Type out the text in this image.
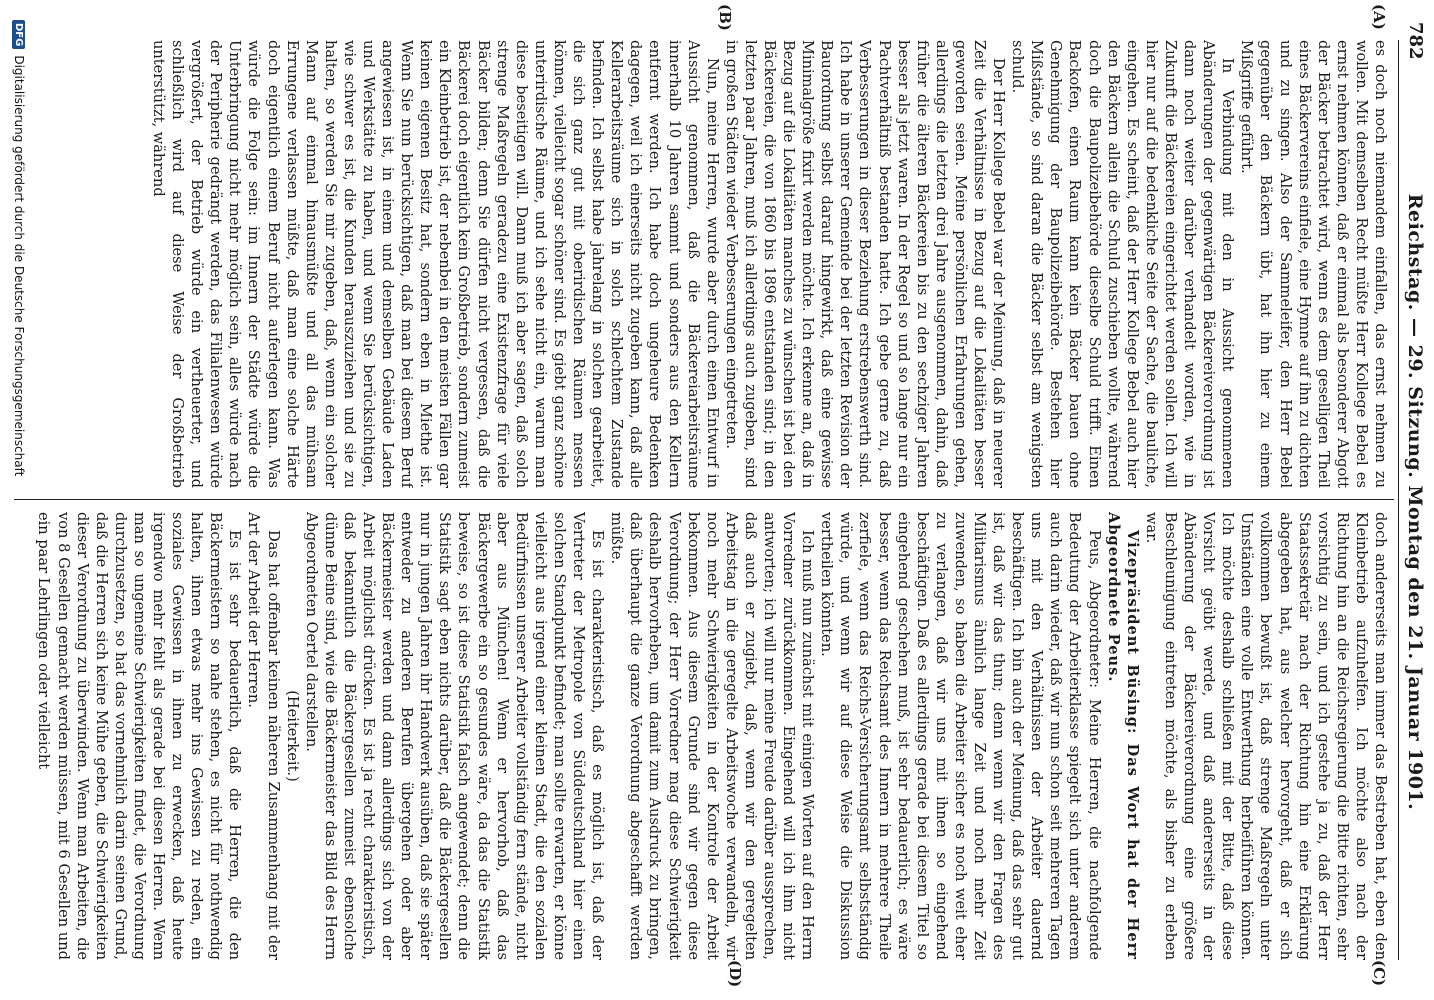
782
Reichstag. — 29. Sitzung. Montag den 21. Januar 1901.
(A)
(B)
(C)
(D)

es doch noch niemandem einfallen, das ernst nehmen zu wollen. Mit demselben Recht müßte Herr Kollege Bebel es ernst nehmen können, daß er einmal als besonderer Abgott der Bäcker betrachtet wird, wenn es dem geselligen Theil eines Bäckervereins einfiele, eine Hymne auf ihn zu dichten und zu singen. Also der Sammeleifer, den Herr Bebel gegenüber den Bäckern übt, hat ihn hier zu einem Mißgriffe geführt.

In Verbindung mit den in Aussicht genommenen Abänderungen der gegenwärtigen Bäckereiverordnung ist dann noch weiter darüber verhandelt worden, wie in Zukunft die Bäckereien eingerichtet werden sollen. Ich will hier nur auf die bedenkliche Seite der Sache, die bauliche, eingehen. Es scheint, daß der Herr Kollege Bebel auch hier den Bäckern allein die Schuld zuschieben wollte, während doch die Baupolizeibehörde dieselbe Schuld trifft. Einen Backofen, einen Raum kann kein Bäcker bauen ohne Genehmigung der Baupolizeibehörde. Bestehen hier Mißstände, so sind daran die Bäcker selbst am wenigsten schuld.

Der Herr Kollege Bebel war der Meinung, daß in neuerer Zeit die Verhältnisse in Bezug auf die Lokalitäten besser geworden seien. Meine persönlichen Erfahrungen gehen, allerdings die letzten drei Jahre ausgenommen, dahin, daß früher die älteren Bäckereien bis zu den sechziger Jahren besser als jetzt waren. In der Regel so und so lange nur ein Pachtverhältniß bestanden hatte. Ich gebe gerne zu, daß Verbesserungen in dieser Beziehung erstrebenswerth sind. Ich habe in unserer Gemeinde bei der letzten Revision der Bauordnung selbst darauf hingewirkt, daß eine gewisse Minimalgröße fixirt werden möchte. Ich erkenne an, daß in Bezug auf die Lokalitäten manches zu wünschen ist bei den Bäckereien, die von 1860 bis 1896 entstanden sind; in den letzten paar Jahren, muß ich allerdings auch zugeben, sind in großen Städten wieder Verbesserungen eingetreten.

Nun, meine Herren, wurde aber durch einen Entwurf in Aussicht genommen, daß die Bäckereiarbeitsräume innerhalb 10 Jahren sammt und sonders aus den Kellern entfernt werden. Ich habe doch ungeheure Bedenken dagegen, weil ich einerseits nicht zugeben kann, daß alle Kellerarbeitsräume sich in solch schlechtem Zustande befinden. Ich selbst habe jahrelang in solchen gearbeitet, die sich ganz gut mit oberirdischen Räumen messen können, vielleicht sogar schöner sind. Es giebt ganz schöne unterirdische Räume, und ich sehe nicht ein, warum man diese beseitigen will. Dann muß ich aber sagen, daß solch strenge Maßregeln geradezu eine Existenzfrage für viele Bäcker bilden; denn Sie dürfen nicht vergessen, daß die Bäckerei doch eigentlich kein Großbetrieb, sondern zumeist ein Kleinbetrieb ist, der nebenbei in den meisten Fällen gar keinen eigenen Besitz hat, sondern eben in Miethe ist. Wenn Sie nun berücksichtigen, daß man bei diesem Beruf angewiesen ist, in einem und demselben Gebäude Laden und Werkstätte zu haben, und wenn Sie berücksichtigen, wie schwer es ist, die Kunden herauszuziehen und sie zu halten, so werden Sie mir zugeben, daß, wenn ein solcher Mann auf einmal hinausmüßte und all das mühsam Errungene verlassen müßte, daß man eine solche Härte doch eigentlich einem Beruf nicht auferlegen kann. Was würde die Folge sein: im Innern der Städte würde die Unterbringung nicht mehr möglich sein, alles würde nach der Peripherie gedrängt werden, das Filialenwesen würde vergrößert, der Betrieb würde ein vertheuerter, und schließlich wird auf diese Weise der Großbetrieb unterstützt, während

doch andererseits man immer das Bestreben hat, eben den Kleinbetrieb aufzuhelfen. Ich möchte also nach der Richtung hin an die Reichsregierung die Bitte richten, sehr vorsichtig zu sein, und ich gestehe ja zu, daß der Herr Staatssekretär nach der Richtung hin eine Erklärung abgegeben hat, aus welcher hervorgeht, daß er sich vollkommen bewußt ist, daß strenge Maßregeln unter Umständen eine volle Entwerthung herbeiführen können. Ich möchte deshalb schließen mit der Bitte, daß diese Vorsicht geübt werde, und daß andererseits in der Abänderung der Bäckereiverordnung eine größere Beschleunigung eintreten möchte, als bisher zu erleben war.

Vizepräsident Büsing: Das Wort hat der Herr Abgeordnete Peus.

Peus, Abgeordneter: Meine Herren, die nachfolgende Bedeutung der Arbeiterklasse spiegelt sich unter anderem auch darin wieder, daß wir nun schon seit mehreren Tagen uns mit den Verhältnissen der Arbeiter dauernd beschäftigen. Ich bin auch der Meinung, daß das sehr gut ist, daß wir das thun; denn wenn wir den Fragen des Militarismus ähnlich lange Zeit und noch mehr Zeit zuwenden, so haben die Arbeiter sicher es noch weit eher zu verlangen, daß wir uns mit ihnen so eingehend beschäftigen. Daß es allerdings gerade bei diesem Titel so eingehend geschehen muß, ist sehr bedauerlich; es wäre besser, wenn das Reichsamt des Innern in mehrere Theile zerfiele, wenn das Reichs-Versicherungsamt selbstständig würde, und wenn wir auf diese Weise die Diskussion vertheilen könnten.

Ich muß nun zunächst mit einigen Worten auf den Herrn Vorredner zurückkommen. Eingehend will ich ihm nicht antworten; ich will nur meine Freude darüber aussprechen, daß auch er zugiebt, daß, wenn wir den geregelten Arbeitstag in die geregelte Arbeitswoche verwandeln, wir noch mehr Schwierigkeiten in der Kontrole der Arbeit bekommen. Aus diesem Grunde sind wir gegen diese Verordnung; der Herr Vorredner mag diese Schwierigkeit deshalb hervorheben, um damit zum Ausdruck zu bringen, daß überhaupt die ganze Verordnung abgeschafft werden müßte.

Es ist charakteristisch, daß es möglich ist, daß der Vertreter der Metropole von Süddeutschland hier einen solchen Standpunkt befindet; man sollte erwarten, er könne vielleicht aus irgend einer kleinen Stadt, die den sozialen Bedürfnissen unserer Arbeiter vollständig fern stände, nicht aber aus München! Wenn er hervorhob, daß das Bäckergewerbe ein so gesundes wäre, da das die Statistik beweise, so ist diese Statistik falsch angewendet; denn die Statistik sagt eben nichts darüber, daß die Bäckergesellen nur in jungen Jahren ihr Handwerk ausüben, daß sie später entweder zu anderen Berufen übergehen oder aber Bäckermeister werden und dann allerdings sich von der Arbeit möglichst drücken. Es ist ja recht charakteristisch, daß bekanntlich die Bäckergesellen zumeist ebensolche dünne Beine sind, wie die Bäckermeister das Bild des Herrn Abgeordneten Oertel darstellen.

(Heiterkeit.)

Das hat offenbar keinen näheren Zusammenhang mit der Art der Arbeit der Herren.

Es ist sehr bedauerlich, daß die Herren, die den Bäckermeistern so nahe stehen, es nicht für nothwendig halten, ihnen etwas mehr ins Gewissen zu reden, ein soziales Gewissen in ihnen zu erwecken, daß heute irgendwo mehr fehlt als gerade bei diesen Herren. Wenn man so ungemeine Schwierigkeiten findet, die Verordnung durchzusetzen, so hat das vornehmlich darin seinen Grund, daß die Herren sich keine Mühe geben, die Schwierigkeiten dieser Verordnung zu überwinden. Wenn man Arbeiten, die von 8 Gesellen gemacht werden müssen, mit 6 Gesellen und ein paar Lehrlingen oder vielleicht

DFG
Digitalisierung gefördert durch die Deutsche Forschungsgemeinschaft
